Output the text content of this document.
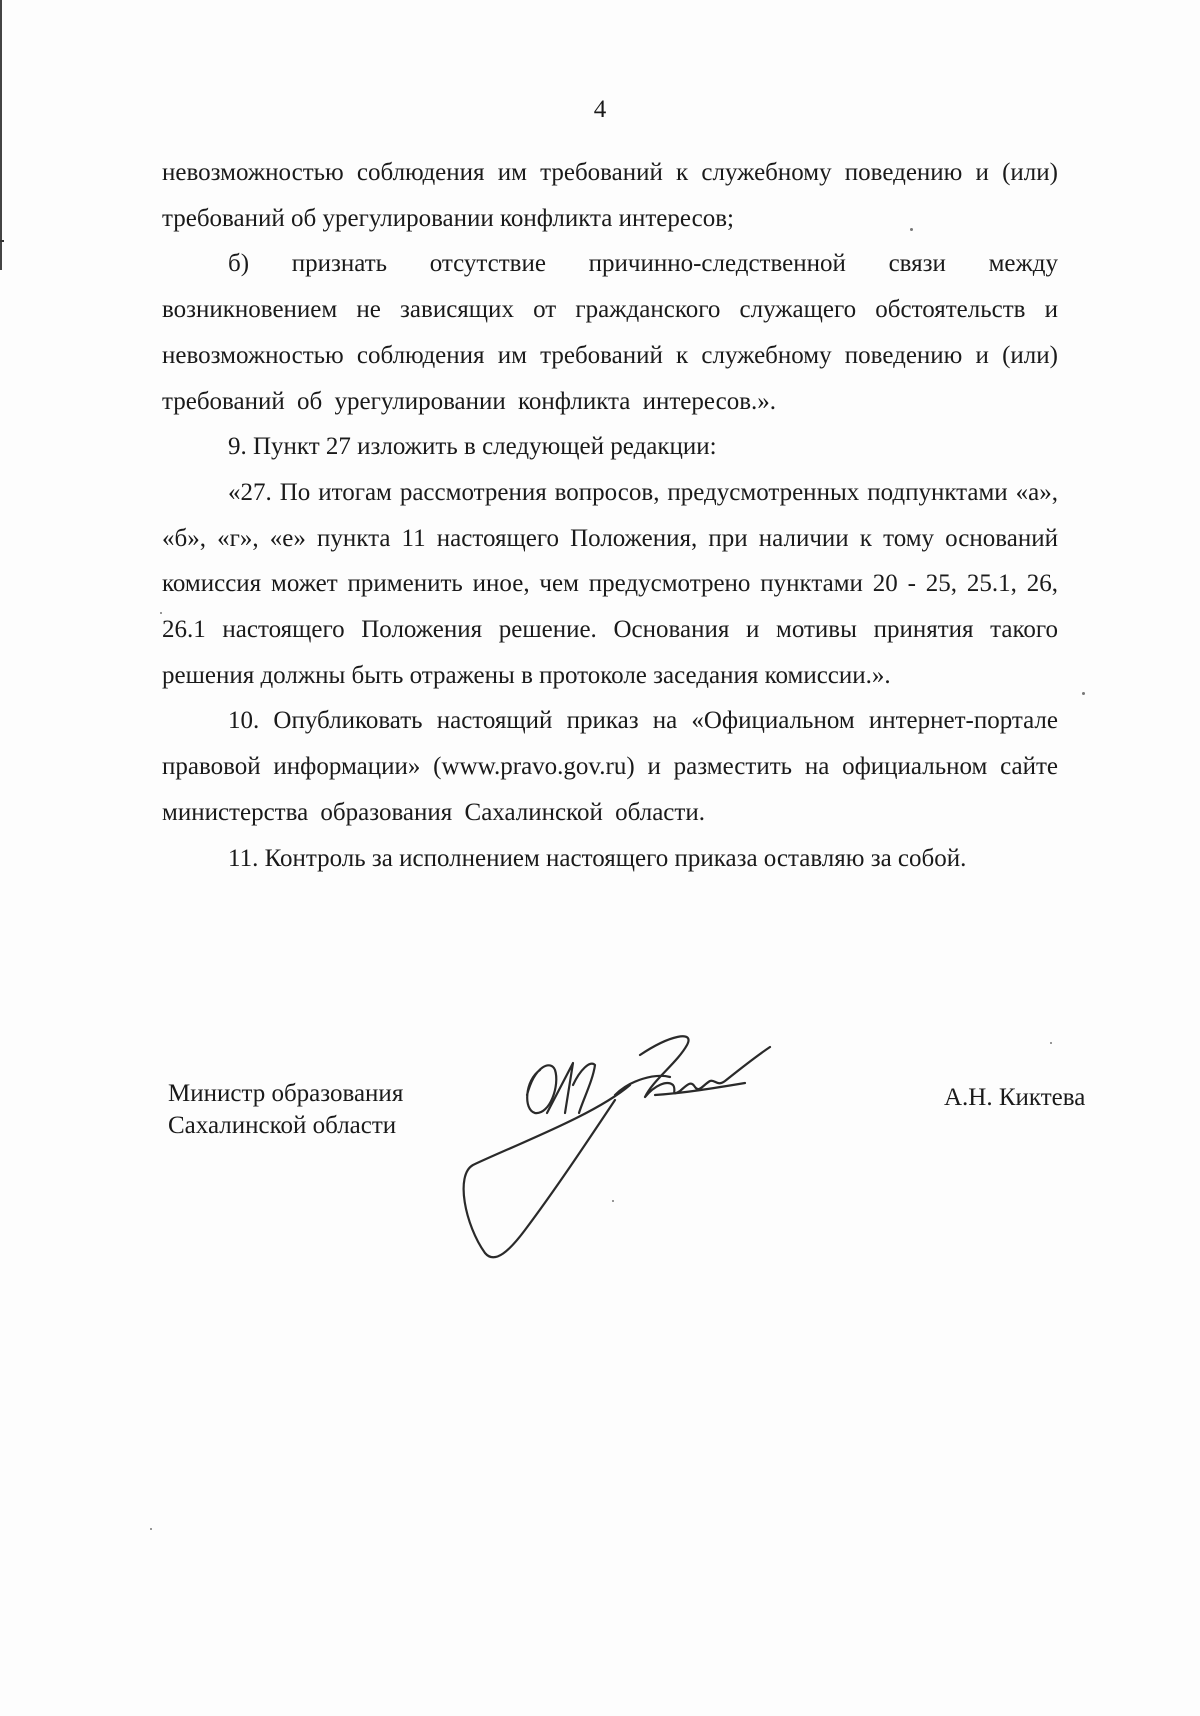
4

невозможностью соблюдения им требований к служебному поведению и (или) требований об урегулировании конфликта интересов;

б) признать отсутствие причинно-следственной связи между возникновением не зависящих от гражданского служащего обстоятельств и невозможностью соблюдения им требований к служебному поведению и (или) требований об урегулировании конфликта интересов.».

9. Пункт 27 изложить в следующей редакции:

«27. По итогам рассмотрения вопросов, предусмотренных подпунктами «а», «б», «г», «е» пункта 11 настоящего Положения, при наличии к тому оснований комиссия может применить иное, чем предусмотрено пунктами 20 - 25, 25.1, 26, 26.1 настоящего Положения решение. Основания и мотивы принятия такого решения должны быть отражены в протоколе заседания комиссии.».

10. Опубликовать настоящий приказ на «Официальном интернет-портале правовой информации» (www.pravo.gov.ru) и разместить на официальном сайте министерства образования Сахалинской области.

11. Контроль за исполнением настоящего приказа оставляю за собой.

Министр образования
Сахалинской области
А.Н. Киктева
